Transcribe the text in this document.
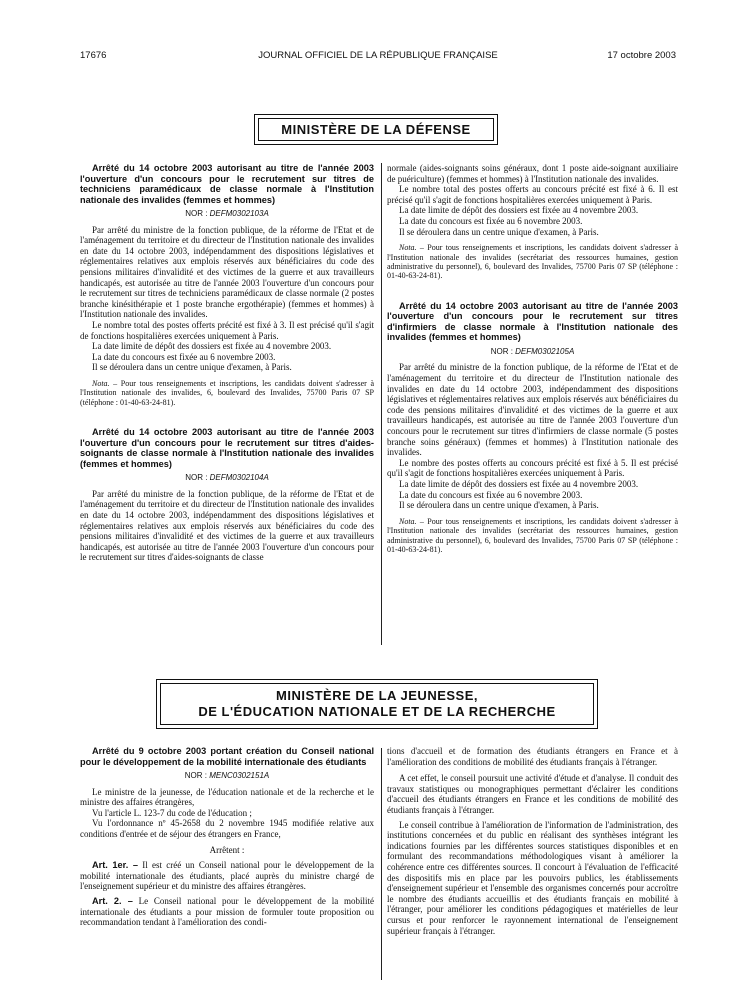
17676	JOURNAL OFFICIEL DE LA RÉPUBLIQUE FRANÇAISE	17 octobre 2003
MINISTÈRE DE LA DÉFENSE

Arrêté du 14 octobre 2003 autorisant au titre de l'année 2003 l'ouverture d'un concours pour le recrutement sur titres de techniciens paramédicaux de classe normale à l'Institution nationale des invalides (femmes et hommes)

NOR : DEFM0302103A

Par arrêté du ministre de la fonction publique, de la réforme de l'Etat et de l'aménagement du territoire et du directeur de l'Institution nationale des invalides en date du 14 octobre 2003, indépendamment des dispositions législatives et réglementaires relatives aux emplois réservés aux bénéficiaires du code des pensions militaires d'invalidité et des victimes de la guerre et aux travailleurs handicapés, est autorisée au titre de l'année 2003 l'ouverture d'un concours pour le recrutement sur titres de techniciens paramédicaux de classe normale (2 postes branche kinésithérapie et 1 poste branche ergothérapie) (femmes et hommes) à l'Institution nationale des invalides.

Le nombre total des postes offerts précité est fixé à 3. Il est précisé qu'il s'agit de fonctions hospitalières exercées uniquement à Paris.

La date limite de dépôt des dossiers est fixée au 4 novembre 2003.

La date du concours est fixée au 6 novembre 2003.

Il se déroulera dans un centre unique d'examen, à Paris.

Nota. – Pour tous renseignements et inscriptions, les candidats doivent s'adresser à l'Institution nationale des invalides, 6, boulevard des Invalides, 75700 Paris 07 SP (téléphone : 01-40-63-24-81).

Arrêté du 14 octobre 2003 autorisant au titre de l'année 2003 l'ouverture d'un concours pour le recrutement sur titres d'aides-soignants de classe normale à l'Institution nationale des invalides (femmes et hommes)

NOR : DEFM0302104A

Par arrêté du ministre de la fonction publique, de la réforme de l'Etat et de l'aménagement du territoire et du directeur de l'Institution nationale des invalides en date du 14 octobre 2003, indépendamment des dispositions législatives et réglementaires relatives aux emplois réservés aux bénéficiaires du code des pensions militaires d'invalidité et des victimes de la guerre et aux travailleurs handicapés, est autorisée au titre de l'année 2003 l'ouverture d'un concours pour le recrutement sur titres d'aides-soignants de classe

normale (aides-soignants soins généraux, dont 1 poste aide-soignant auxiliaire de puériculture) (femmes et hommes) à l'Institution nationale des invalides.

Le nombre total des postes offerts au concours précité est fixé à 6. Il est précisé qu'il s'agit de fonctions hospitalières exercées uniquement à Paris.

La date limite de dépôt des dossiers est fixée au 4 novembre 2003.

La date du concours est fixée au 6 novembre 2003.

Il se déroulera dans un centre unique d'examen, à Paris.

Nota. – Pour tous renseignements et inscriptions, les candidats doivent s'adresser à l'Institution nationale des invalides (secrétariat des ressources humaines, gestion administrative du personnel), 6, boulevard des Invalides, 75700 Paris 07 SP (téléphone : 01-40-63-24-81).

Arrêté du 14 octobre 2003 autorisant au titre de l'année 2003 l'ouverture d'un concours pour le recrutement sur titres d'infirmiers de classe normale à l'Institution nationale des invalides (femmes et hommes)

NOR : DEFM0302105A

Par arrêté du ministre de la fonction publique, de la réforme de l'Etat et de l'aménagement du territoire et du directeur de l'Institution nationale des invalides en date du 14 octobre 2003, indépendamment des dispositions législatives et réglementaires relatives aux emplois réservés aux bénéficiaires du code des pensions militaires d'invalidité et des victimes de la guerre et aux travailleurs handicapés, est autorisée au titre de l'année 2003 l'ouverture d'un concours pour le recrutement sur titres d'infirmiers de classe normale (5 postes branche soins généraux) (femmes et hommes) à l'Institution nationale des invalides.

Le nombre des postes offerts au concours précité est fixé à 5. Il est précisé qu'il s'agit de fonctions hospitalières exercées uniquement à Paris.

La date limite de dépôt des dossiers est fixée au 4 novembre 2003.

La date du concours est fixée au 6 novembre 2003.

Il se déroulera dans un centre unique d'examen, à Paris.

Nota. – Pour tous renseignements et inscriptions, les candidats doivent s'adresser à l'Institution nationale des invalides (secrétariat des ressources humaines, gestion administrative du personnel), 6, boulevard des Invalides, 75700 Paris 07 SP (téléphone : 01-40-63-24-81).

MINISTÈRE DE LA JEUNESSE,
DE L'ÉDUCATION NATIONALE ET DE LA RECHERCHE

Arrêté du 9 octobre 2003 portant création du Conseil national pour le développement de la mobilité internationale des étudiants

NOR : MENC0302151A

Le ministre de la jeunesse, de l'éducation nationale et de la recherche et le ministre des affaires étrangères,

Vu l'article L. 123-7 du code de l'éducation ;

Vu l'ordonnance nº 45-2658 du 2 novembre 1945 modifiée relative aux conditions d'entrée et de séjour des étrangers en France,

Arrêtent :

Art. 1er. – Il est créé un Conseil national pour le développement de la mobilité internationale des étudiants, placé auprès du ministre chargé de l'enseignement supérieur et du ministre des affaires étrangères.

Art. 2. – Le Conseil national pour le développement de la mobilité internationale des étudiants a pour mission de formuler toute proposition ou recommandation tendant à l'amélioration des condi-

tions d'accueil et de formation des étudiants étrangers en France et à l'amélioration des conditions de mobilité des étudiants français à l'étranger.

A cet effet, le conseil poursuit une activité d'étude et d'analyse. Il conduit des travaux statistiques ou monographiques permettant d'éclairer les conditions d'accueil des étudiants étrangers en France et les conditions de mobilité des étudiants français à l'étranger.

Le conseil contribue à l'amélioration de l'information de l'administration, des institutions concernées et du public en réalisant des synthèses intégrant les indications fournies par les différentes sources statistiques disponibles et en formulant des recommandations méthodologiques visant à améliorer la cohérence entre ces différentes sources. Il concourt à l'évaluation de l'efficacité des dispositifs mis en place par les pouvoirs publics, les établissements d'enseignement supérieur et l'ensemble des organismes concernés pour accroître le nombre des étudiants accueillis et des étudiants français en mobilité à l'étranger, pour améliorer les conditions pédagogiques et matérielles de leur cursus et pour renforcer le rayonnement international de l'enseignement supérieur français à l'étranger.
